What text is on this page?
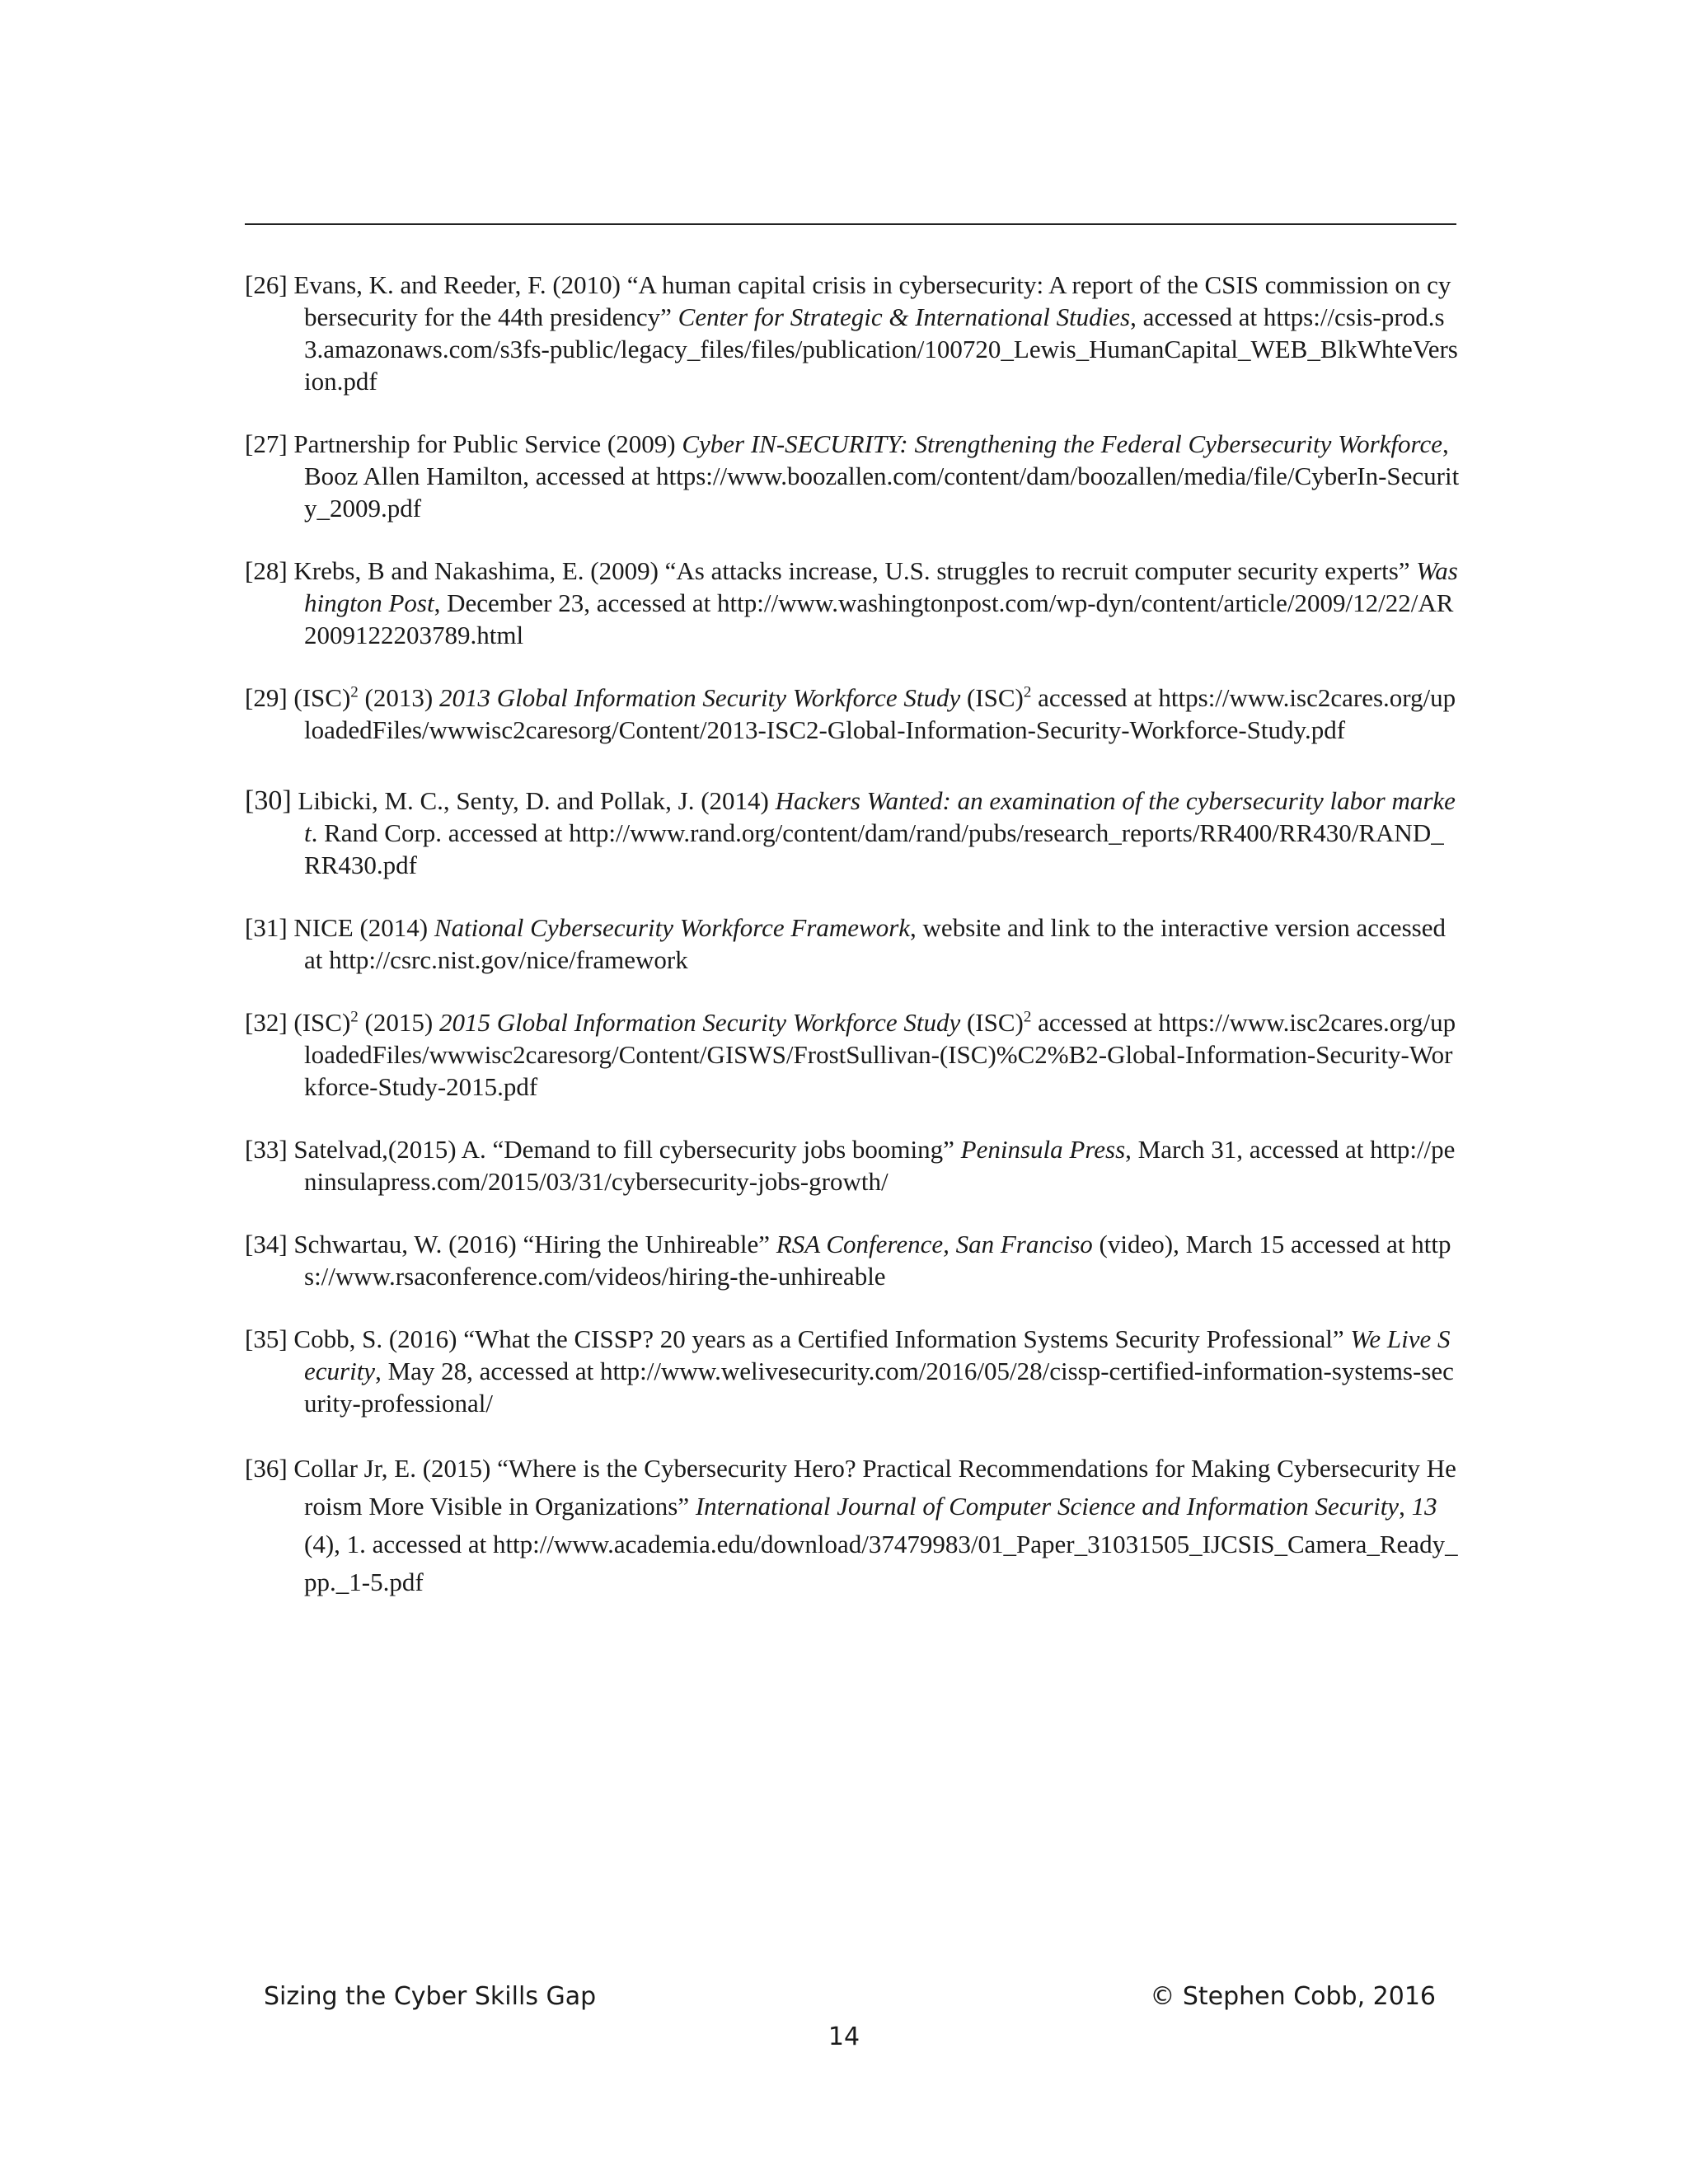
[26] Evans, K. and Reeder, F. (2010) “A human capital crisis in cybersecurity: A report of the CSIS commission on cybersecurity for the 44th presidency” Center for Strategic & International Studies, accessed at https://csis-prod.s3.amazonaws.com/s3fs-public/legacy_files/files/publication/100720_Lewis_HumanCapital_WEB_BlkWhteVersion.pdf

[27] Partnership for Public Service (2009) Cyber IN-SECURITY: Strengthening the Federal Cybersecurity Workforce, Booz Allen Hamilton, accessed at https://www.boozallen.com/content/dam/boozallen/media/file/CyberIn-Security_2009.pdf

[28] Krebs, B and Nakashima, E. (2009) “As attacks increase, U.S. struggles to recruit computer security experts” Washington Post, December 23, accessed at http://www.washingtonpost.com/wp-dyn/content/article/2009/12/22/AR2009122203789.html

[29] (ISC)$^2$ (2013) 2013 Global Information Security Workforce Study (ISC)$^2$ accessed at https://www.isc2cares.org/uploadedFiles/wwwisc2caresorg/Content/2013-ISC2-Global-Information-Security-Workforce-Study.pdf

[30] Libicki, M. C., Senty, D. and Pollak, J. (2014) Hackers Wanted: an examination of the cybersecurity labor market. Rand Corp. accessed at http://www.rand.org/content/dam/rand/pubs/research_reports/RR400/RR430/RAND_RR430.pdf

[31] NICE (2014) National Cybersecurity Workforce Framework, website and link to the interactive version accessed at http://csrc.nist.gov/nice/framework

[32] (ISC)$^2$ (2015) 2015 Global Information Security Workforce Study (ISC)$^2$ accessed at https://www.isc2cares.org/uploadedFiles/wwwisc2caresorg/Content/GISWS/FrostSullivan-(ISC)%C2%B2-Global-Information-Security-Workforce-Study-2015.pdf

[33] Satelvad,(2015) A. “Demand to fill cybersecurity jobs booming” Peninsula Press, March 31, accessed at http://peninsulapress.com/2015/03/31/cybersecurity-jobs-growth/

[34] Schwartau, W. (2016) “Hiring the Unhireable” RSA Conference, San Franciso (video), March 15 accessed at https://www.rsaconference.com/videos/hiring-the-unhireable

[35] Cobb, S. (2016) “What the CISSP? 20 years as a Certified Information Systems Security Professional” We Live Security, May 28, accessed at http://www.welivesecurity.com/2016/05/28/cissp-certified-information-systems-security-professional/

[36] Collar Jr, E. (2015) “Where is the Cybersecurity Hero? Practical Recommendations for Making Cybersecurity Heroism More Visible in Organizations” International Journal of Computer Science and Information Security, 13(4), 1. accessed at http://www.academia.edu/download/37479983/01_Paper_31031505_IJCSIS_Camera_Ready_pp._1-5.pdf

Sizing the Cyber Skills Gap	© Stephen Cobb, 2016
14
